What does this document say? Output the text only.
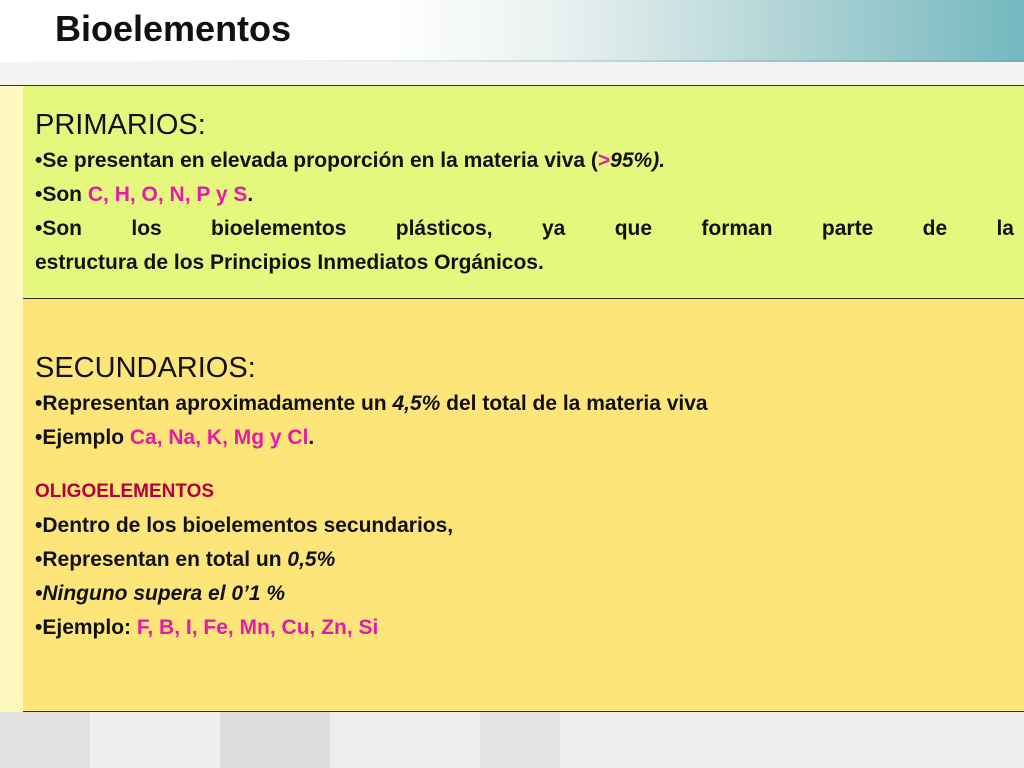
Bioelementos
PRIMARIOS:
•Se presentan en elevada proporción en la materia viva (>95%).
•Son C, H, O, N, P y S.
•Son los bioelementos plásticos, ya que forman parte de la
estructura de los Principios Inmediatos Orgánicos.
SECUNDARIOS:
•Representan aproximadamente un 4,5% del total de la materia viva
•Ejemplo Ca, Na, K, Mg y Cl.
OLIGOELEMENTOS
•Dentro de los bioelementos secundarios,
•Representan en total un 0,5%
•Ninguno supera el 0’1 %
•Ejemplo: F, B, I, Fe, Mn, Cu, Zn, Si
